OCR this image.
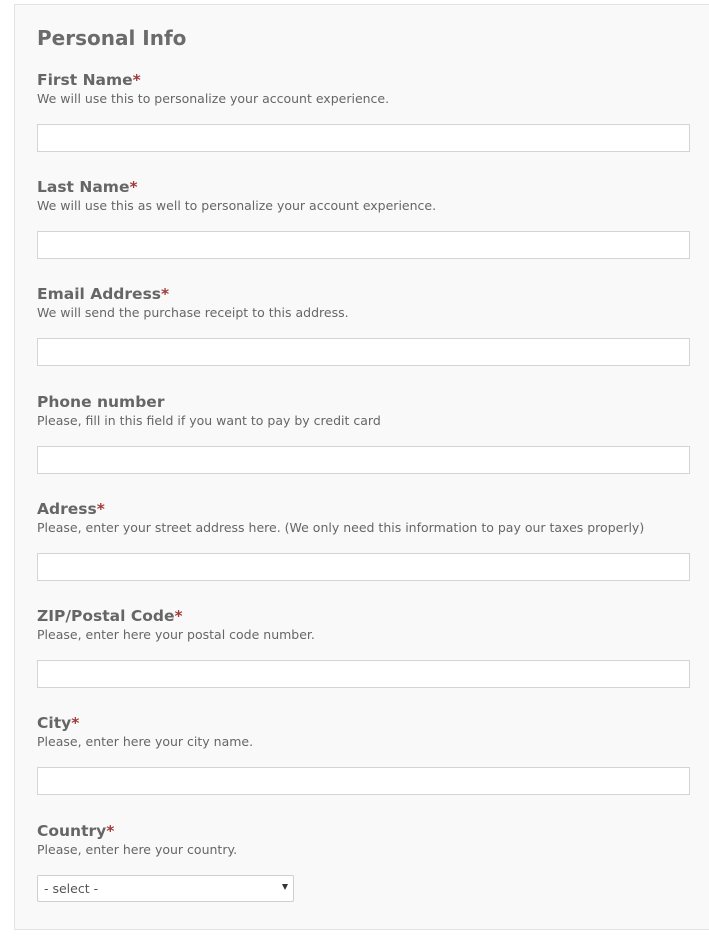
Personal Info
First Name*
We will use this to personalize your account experience.
Last Name*
We will use this as well to personalize your account experience.
Email Address*
We will send the purchase receipt to this address.
Phone number
Please, fill in this field if you want to pay by credit card
Adress*
Please, enter your street address here. (We only need this information to pay our taxes properly)
ZIP/Postal Code*
Please, enter here your postal code number.
City*
Please, enter here your city name.
Country*
Please, enter here your country.
- select -
